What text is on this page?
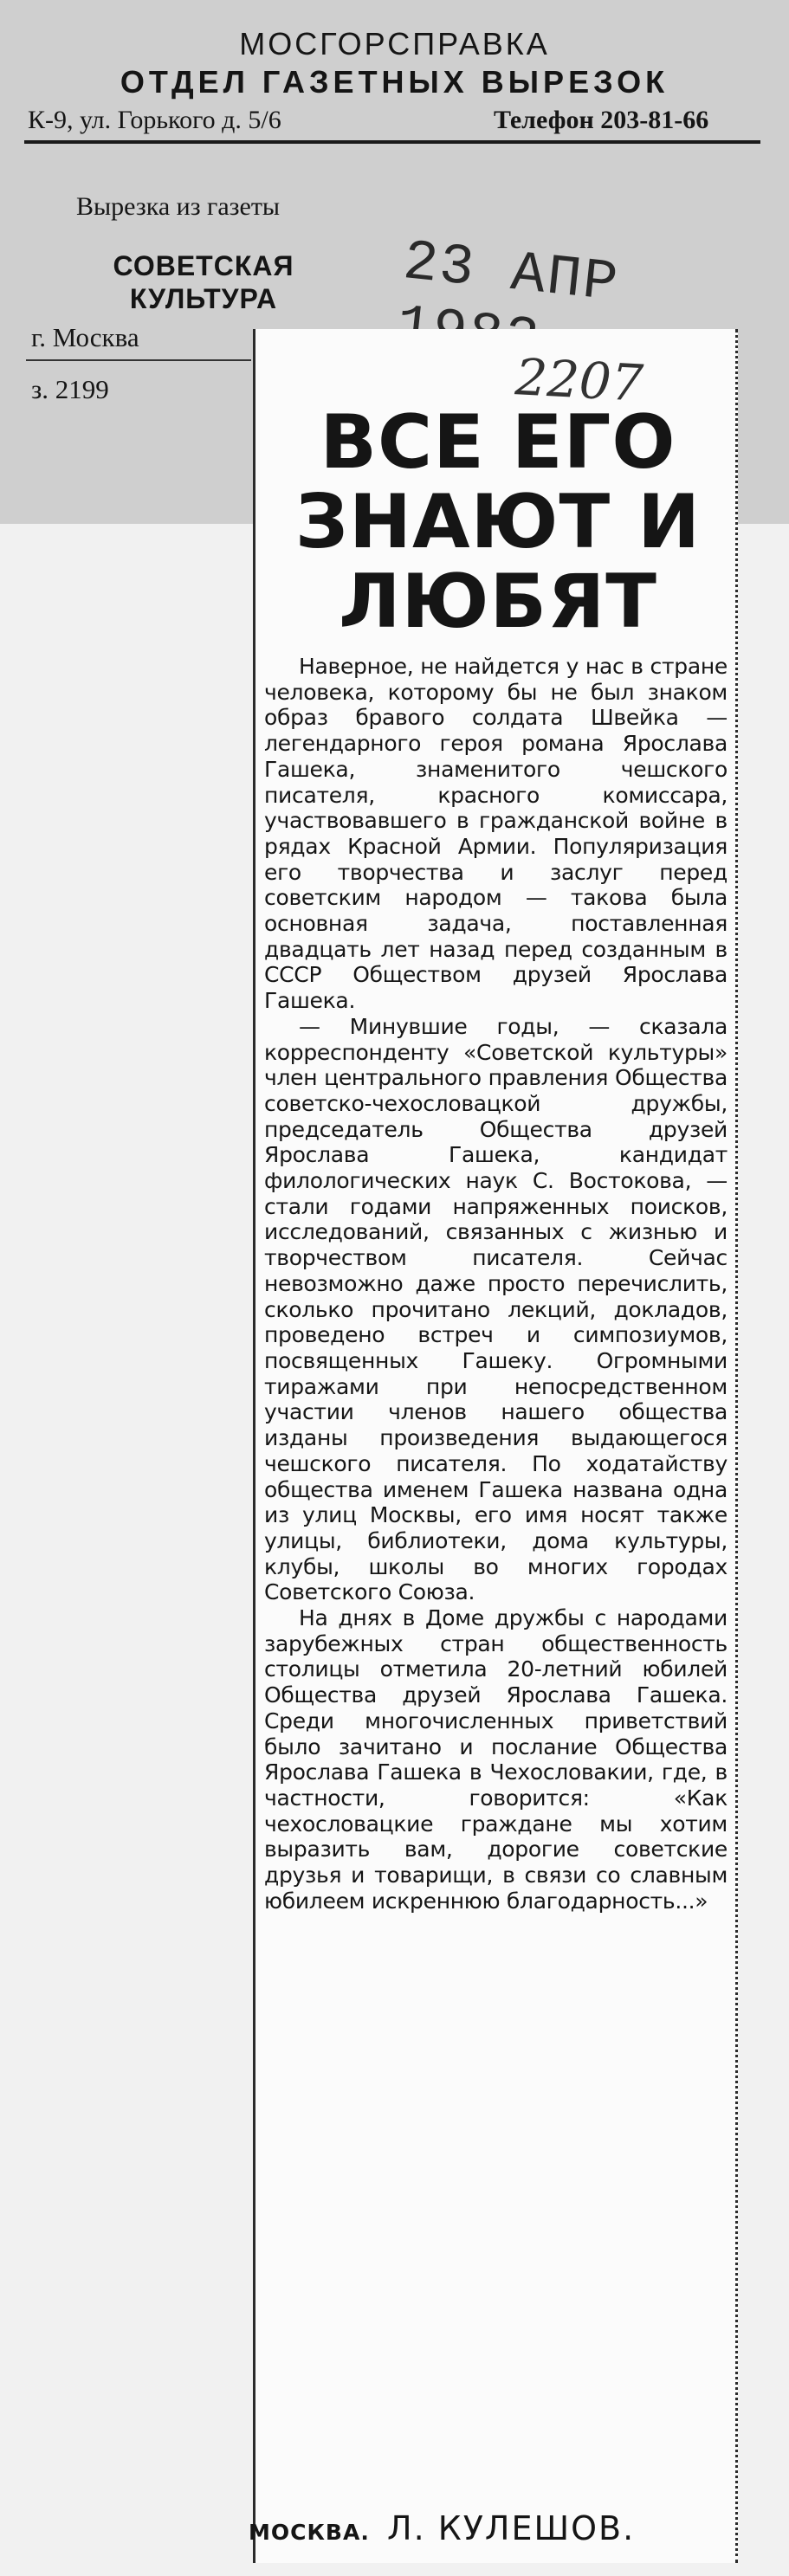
МОСГОРСПРАВКА
ОТДЕЛ ГАЗЕТНЫХ ВЫРЕЗОК
К-9, ул. Горького д. 5/6	Телефон 203-81-66
Вырезка из газеты
СОВЕТСКАЯ КУЛЬТУРА
г. Москва
з. 2199
23 АПР
ВСЕ ЕГО ЗНАЮТ И ЛЮБЯТ

Наверное, не найдется у нас в стране человека, которому бы не был знаком образ бравого солдата Швейка — легендарного героя романа Ярослава Гашека, знаменитого чешского писателя, красного комиссара, участвовавшего в гражданской войне в рядах Красной Армии. Популяризация его творчества и заслуг перед советским народом — такова была основная задача, поставленная двадцать лет назад перед созданным в СССР Обществом друзей Ярослава Гашека.

— Минувшие годы, — сказала корреспонденту «Советской культуры» член центрального правления Общества советско-чехословацкой дружбы, председатель Общества друзей Ярослава Гашека, кандидат филологических наук С. Востокова, — стали годами напряженных поисков, исследований, связанных с жизнью и творчеством писателя. Сейчас невозможно даже просто перечислить, сколько прочитано лекций, докладов, проведено встреч и симпозиумов, посвященных Гашеку. Огромными тиражами при непосредственном участии членов нашего общества изданы произведения выдающегося чешского писателя. По ходатайству общества именем Гашека названа одна из улиц Москвы, его имя носят также улицы, библиотеки, дома культуры, клубы, школы во многих городах Советского Союза.

На днях в Доме дружбы с народами зарубежных стран общественность столицы отметила 20-летний юбилей Общества друзей Ярослава Гашека. Среди многочисленных приветствий было зачитано и послание Общества Ярослава Гашека в Чехословакии, где, в частности, говорится: «Как чехословацкие граждане мы хотим выразить вам, дорогие советские друзья и товарищи, в связи со славным юбилеем искреннюю благодарность...»

МОСКВА. Л. КУЛЕШОВ.
2207
